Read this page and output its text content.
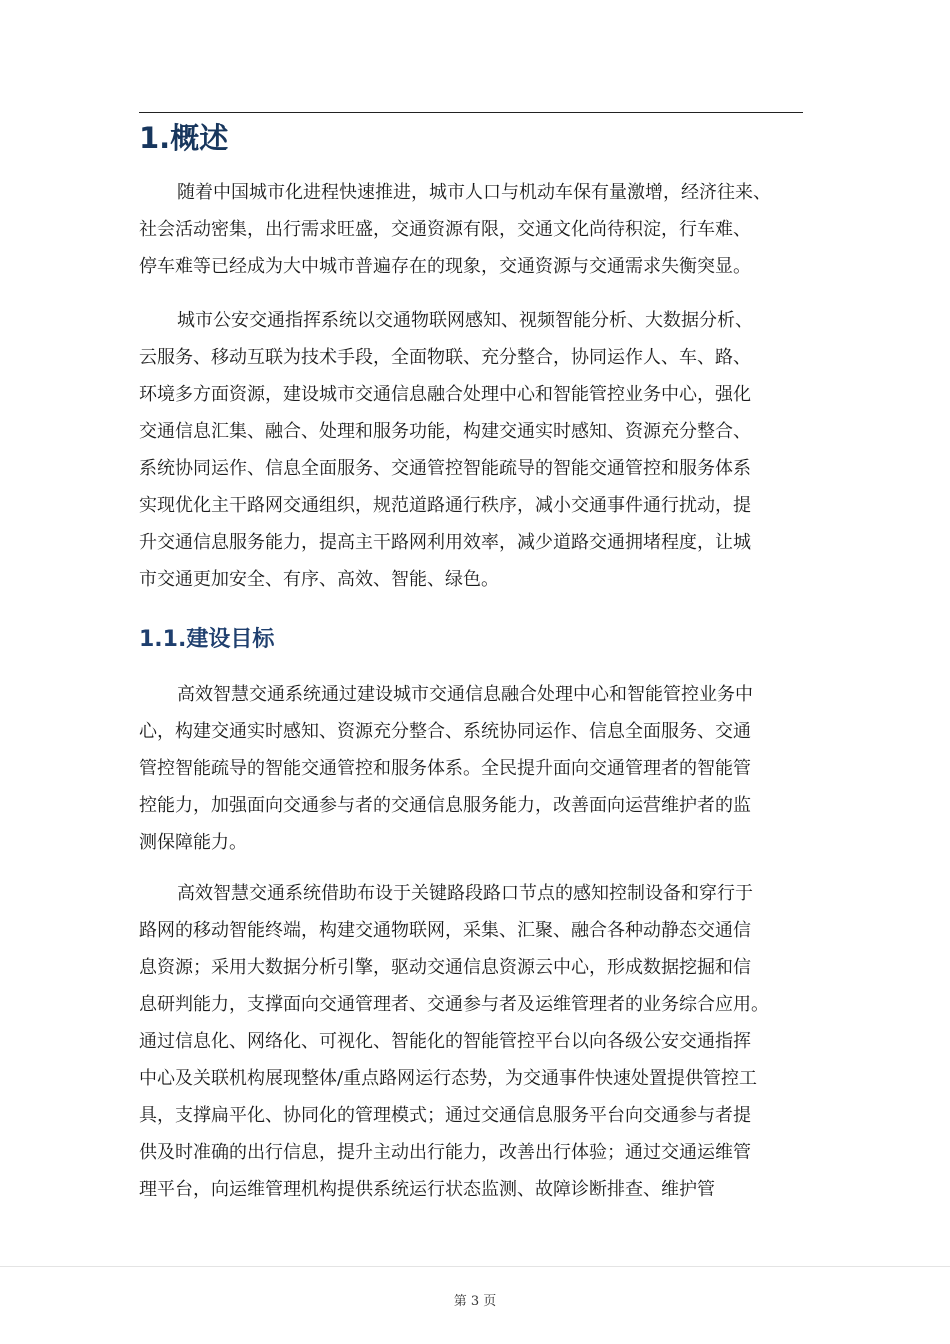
1.概述
随着中国城市化进程快速推进，城市人口与机动车保有量激增，经济往来、
社会活动密集，出行需求旺盛，交通资源有限，交通文化尚待积淀，行车难、
停车难等已经成为大中城市普遍存在的现象，交通资源与交通需求失衡突显。
城市公安交通指挥系统以交通物联网感知、视频智能分析、大数据分析、
云服务、移动互联为技术手段，全面物联、充分整合，协同运作人、车、路、
环境多方面资源，建设城市交通信息融合处理中心和智能管控业务中心，强化
交通信息汇集、融合、处理和服务功能，构建交通实时感知、资源充分整合、
系统协同运作、信息全面服务、交通管控智能疏导的智能交通管控和服务体系
实现优化主干路网交通组织，规范道路通行秩序，减小交通事件通行扰动，提
升交通信息服务能力，提高主干路网利用效率，减少道路交通拥堵程度，让城
市交通更加安全、有序、高效、智能、绿色。
1.1.建设目标
高效智慧交通系统通过建设城市交通信息融合处理中心和智能管控业务中
心，构建交通实时感知、资源充分整合、系统协同运作、信息全面服务、交通
管控智能疏导的智能交通管控和服务体系。全民提升面向交通管理者的智能管
控能力，加强面向交通参与者的交通信息服务能力，改善面向运营维护者的监
测保障能力。
高效智慧交通系统借助布设于关键路段路口节点的感知控制设备和穿行于
路网的移动智能终端，构建交通物联网，采集、汇聚、融合各种动静态交通信
息资源；采用大数据分析引擎，驱动交通信息资源云中心，形成数据挖掘和信
息研判能力，支撑面向交通管理者、交通参与者及运维管理者的业务综合应用。
通过信息化、网络化、可视化、智能化的智能管控平台以向各级公安交通指挥
中心及关联机构展现整体/重点路网运行态势，为交通事件快速处置提供管控工
具，支撑扁平化、协同化的管理模式；通过交通信息服务平台向交通参与者提
供及时准确的出行信息，提升主动出行能力，改善出行体验；通过交通运维管
理平台，向运维管理机构提供系统运行状态监测、故障诊断排查、维护管
第 3 页
